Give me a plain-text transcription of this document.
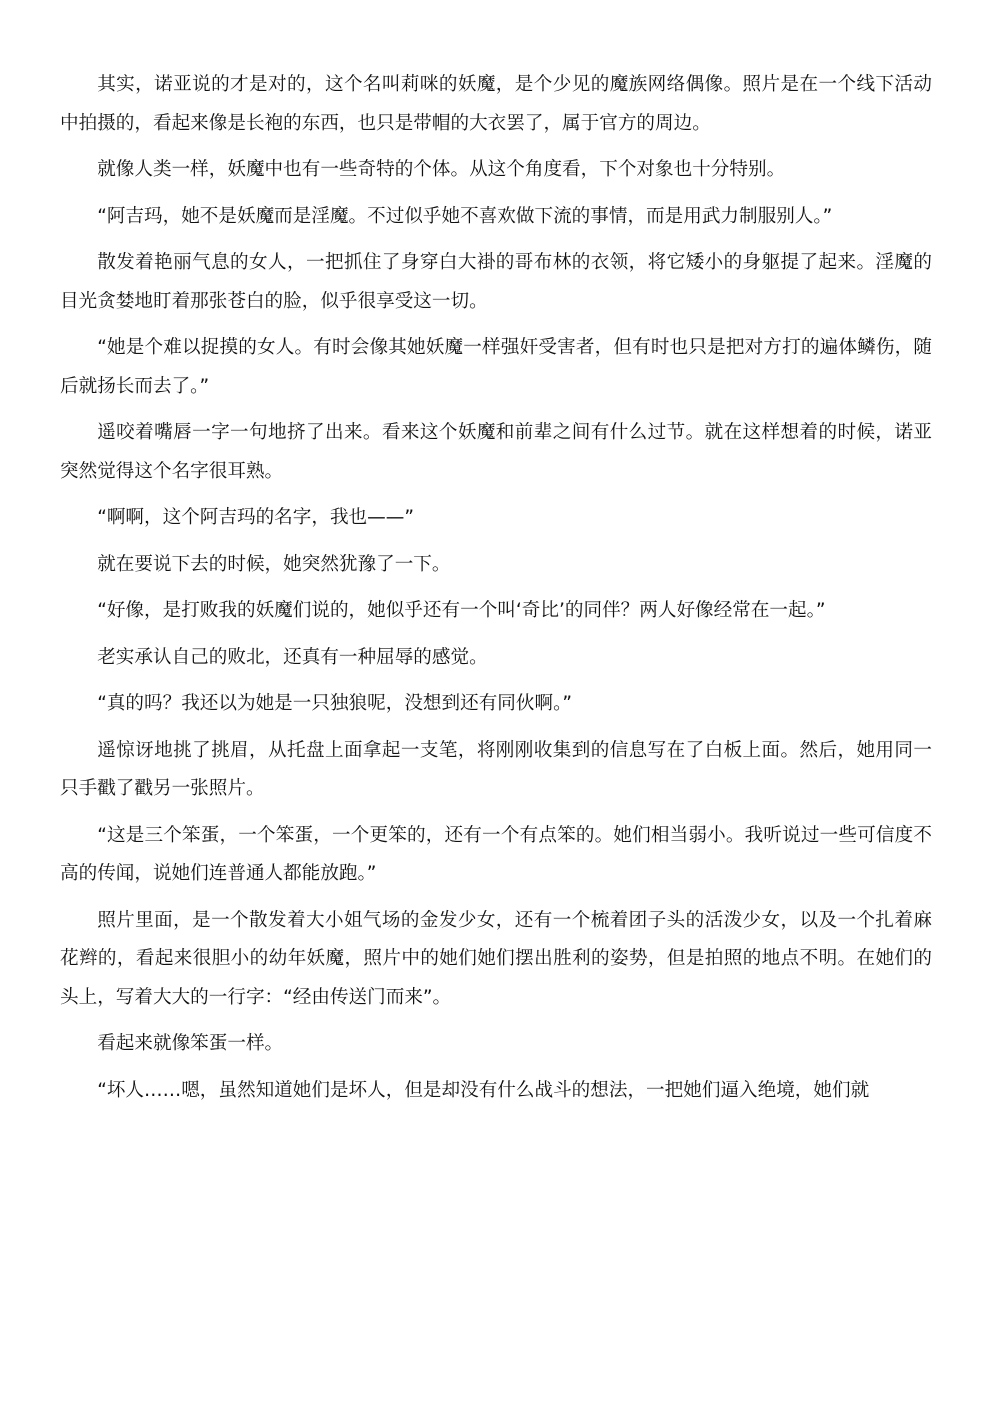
其实，诺亚说的才是对的，这个名叫莉咪的妖魔，是个少见的魔族网络偶像。照片是在一个线下活动中拍摄的，看起来像是长袍的东西，也只是带帽的大衣罢了，属于官方的周边。

就像人类一样，妖魔中也有一些奇特的个体。从这个角度看，下个对象也十分特别。

“阿吉玛，她不是妖魔而是淫魔。不过似乎她不喜欢做下流的事情，而是用武力制服别人。”

散发着艳丽气息的女人，一把抓住了身穿白大褂的哥布林的衣领，将它矮小的身躯提了起来。淫魔的目光贪婪地盯着那张苍白的脸，似乎很享受这一切。

“她是个难以捉摸的女人。有时会像其她妖魔一样强奸受害者，但有时也只是把对方打的遍体鳞伤，随后就扬长而去了。”

遥咬着嘴唇一字一句地挤了出来。看来这个妖魔和前辈之间有什么过节。就在这样想着的时候，诺亚突然觉得这个名字很耳熟。

“啊啊，这个阿吉玛的名字，我也——”

就在要说下去的时候，她突然犹豫了一下。

“好像，是打败我的妖魔们说的，她似乎还有一个叫‘奇比’的同伴？两人好像经常在一起。”

老实承认自己的败北，还真有一种屈辱的感觉。

“真的吗？我还以为她是一只独狼呢，没想到还有同伙啊。”

遥惊讶地挑了挑眉，从托盘上面拿起一支笔，将刚刚收集到的信息写在了白板上面。然后，她用同一只手戳了戳另一张照片。

“这是三个笨蛋，一个笨蛋，一个更笨的，还有一个有点笨的。她们相当弱小。我听说过一些可信度不高的传闻，说她们连普通人都能放跑。”

照片里面，是一个散发着大小姐气场的金发少女，还有一个梳着团子头的活泼少女，以及一个扎着麻花辫的，看起来很胆小的幼年妖魔，照片中的她们她们摆出胜利的姿势，但是拍照的地点不明。在她们的头上，写着大大的一行字：“经由传送门而来”。

看起来就像笨蛋一样。

“坏人……嗯，虽然知道她们是坏人，但是却没有什么战斗的想法，一把她们逼入绝境，她们就
